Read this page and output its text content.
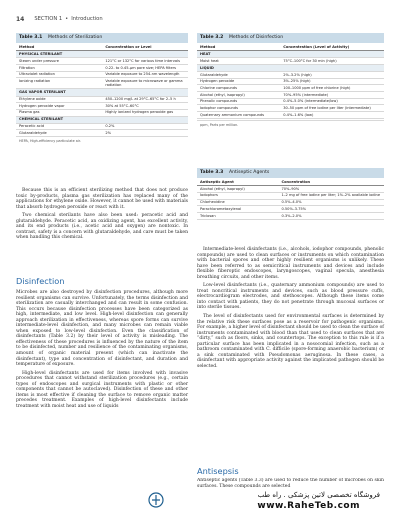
14 SECTION 1 • Introduction
Table 3.1 Methods of Sterilization
Method	Concentration or Level
PHYSICAL STERILANT
Steam under pressure	121°C or 132°C for various time intervals
Filtration	0.22- to 0.45-µm pore size; HEPA filters
Ultraviolet radiation	Variable exposure to 254-nm wavelength
Ionizing radiation	Variable exposure to microwave or gamma radiation
GAS VAPOR STERILANT
Ethylene oxide	450–1200 mg/L at 29°C–65°C for 2–5 h
Hydrogen peroxide vapor	30% at 55°C–60°C
Plasma gas	Highly ionized hydrogen peroxide gas
CHEMICAL STERILANT
Peracetic acid	0.2%
Glutaraldehyde	2%
HEPA, High-efficiency particulate air.
Table 3.2 Methods of Disinfection
Method	Concentration (Level of Activity)
HEAT
Moist heat	75°C–100°C for 30 min (high)
LIQUID
Glutaraldehyde	2%–3.2% (high)
Hydrogen peroxide	3%–25% (high)
Chlorine compounds	100–1000 ppm of free chlorine (high)
Alcohol (ethyl, isopropyl)	70%–95% (intermediate)
Phenolic compounds	0.4%–5.0% (intermediate/low)
Iodophor compounds	30–50 ppm of free iodine per liter (intermediate)
Quaternary ammonium compounds	0.4%–1.6% (low)
ppm, Parts per million.
Table 3.3 Antiseptic Agents
Antiseptic Agent	Concentration
Alcohol (ethyl, isopropyl)	70%–90%
Iodophors	1–2 mg of free iodine per liter; 1%–2% available iodine
Chlorhexidine	0.5%–4.0%
Parachlorometaxylenol	0.50%–3.75%
Triclosan	0.3%–2.0%

Because this is an efficient sterilizing method that does not produce toxic by-products, plasma gas sterilization has replaced many of the applications for ethylene oxide. However, it cannot be used with materials that absorb hydrogen peroxide or react with it.

Two chemical sterilants have also been used: peracetic acid and glutaraldehyde. Peracetic acid, an oxidizing agent, has excellent activity, and its end products (i.e., acetic acid and oxygen) are nontoxic. In contrast, safety is a concern with glutaraldehyde, and care must be taken when handling this chemical.

Disinfection

Microbes are also destroyed by disinfection procedures, although more resilient organisms can survive. Unfortunately, the terms disinfection and sterilization are casually interchanged and can result in some confusion. This occurs because disinfection processes have been categorized as high, intermediate, and low level. High-level disinfection can generally approach sterilization in effectiveness, whereas spore forms can survive intermediate-level disinfection, and many microbes can remain viable when exposed to low-level disinfection. Even the classification of disinfectants (Table 3.2) by their level of activity is misleading. The effectiveness of these procedures is influenced by the nature of the item to be disinfected, number and resilience of the contaminating organisms, amount of organic material present (which can inactivate the disinfectant), type and concentration of disinfectant, and duration and temperature of exposure.

High-level disinfectants are used for items involved with invasive procedures that cannot withstand sterilization procedures (e.g., certain types of endoscopes and surgical instruments with plastic or other components that cannot be autoclaved). Disinfection of these and other items is most effective if cleaning the surface to remove organic matter precedes treatment. Examples of high-level disinfectants include treatment with moist heat and use of liquids

Intermediate-level disinfectants (i.e., alcohols, iodophor compounds, phenolic compounds) are used to clean surfaces or instruments on which contamination with bacterial spores and other highly resilient organisms is unlikely. These have been referred to as semicritical instruments and devices and include flexible fiberoptic endoscopes, laryngoscopes, vaginal specula, anesthesia breathing circuits, and other items.

Low-level disinfectants (i.e., quaternary ammonium compounds) are used to treat noncritical instruments and devices, such as blood pressure cuffs, electrocardiogram electrodes, and stethoscopes. Although these items come into contact with patients, they do not penetrate through mucosal surfaces or into sterile tissues.

The level of disinfectants used for environmental surfaces is determined by the relative risk these surfaces pose as a reservoir for pathogenic organisms. For example, a higher level of disinfectant should be used to clean the surface of instruments contaminated with blood than that used to clean surfaces that are “dirty,” such as floors, sinks, and countertops. The exception to this rule is if a particular surface has been implicated in a nosocomial infection, such as a bathroom contaminated with C. difficile (spore-forming anaerobic bacterium) or a sink contaminated with Pseudomonas aeruginosa. In these cases, a disinfectant with appropriate activity against the implicated pathogen should be selected.

Antisepsis

Antiseptic agents (Table 3.3) are used to reduce the number of microbes on skin surfaces. These compounds are selected

فروشگاه تخصصی لاتین پزشکی . راه طب
www.RaheTeb.com
